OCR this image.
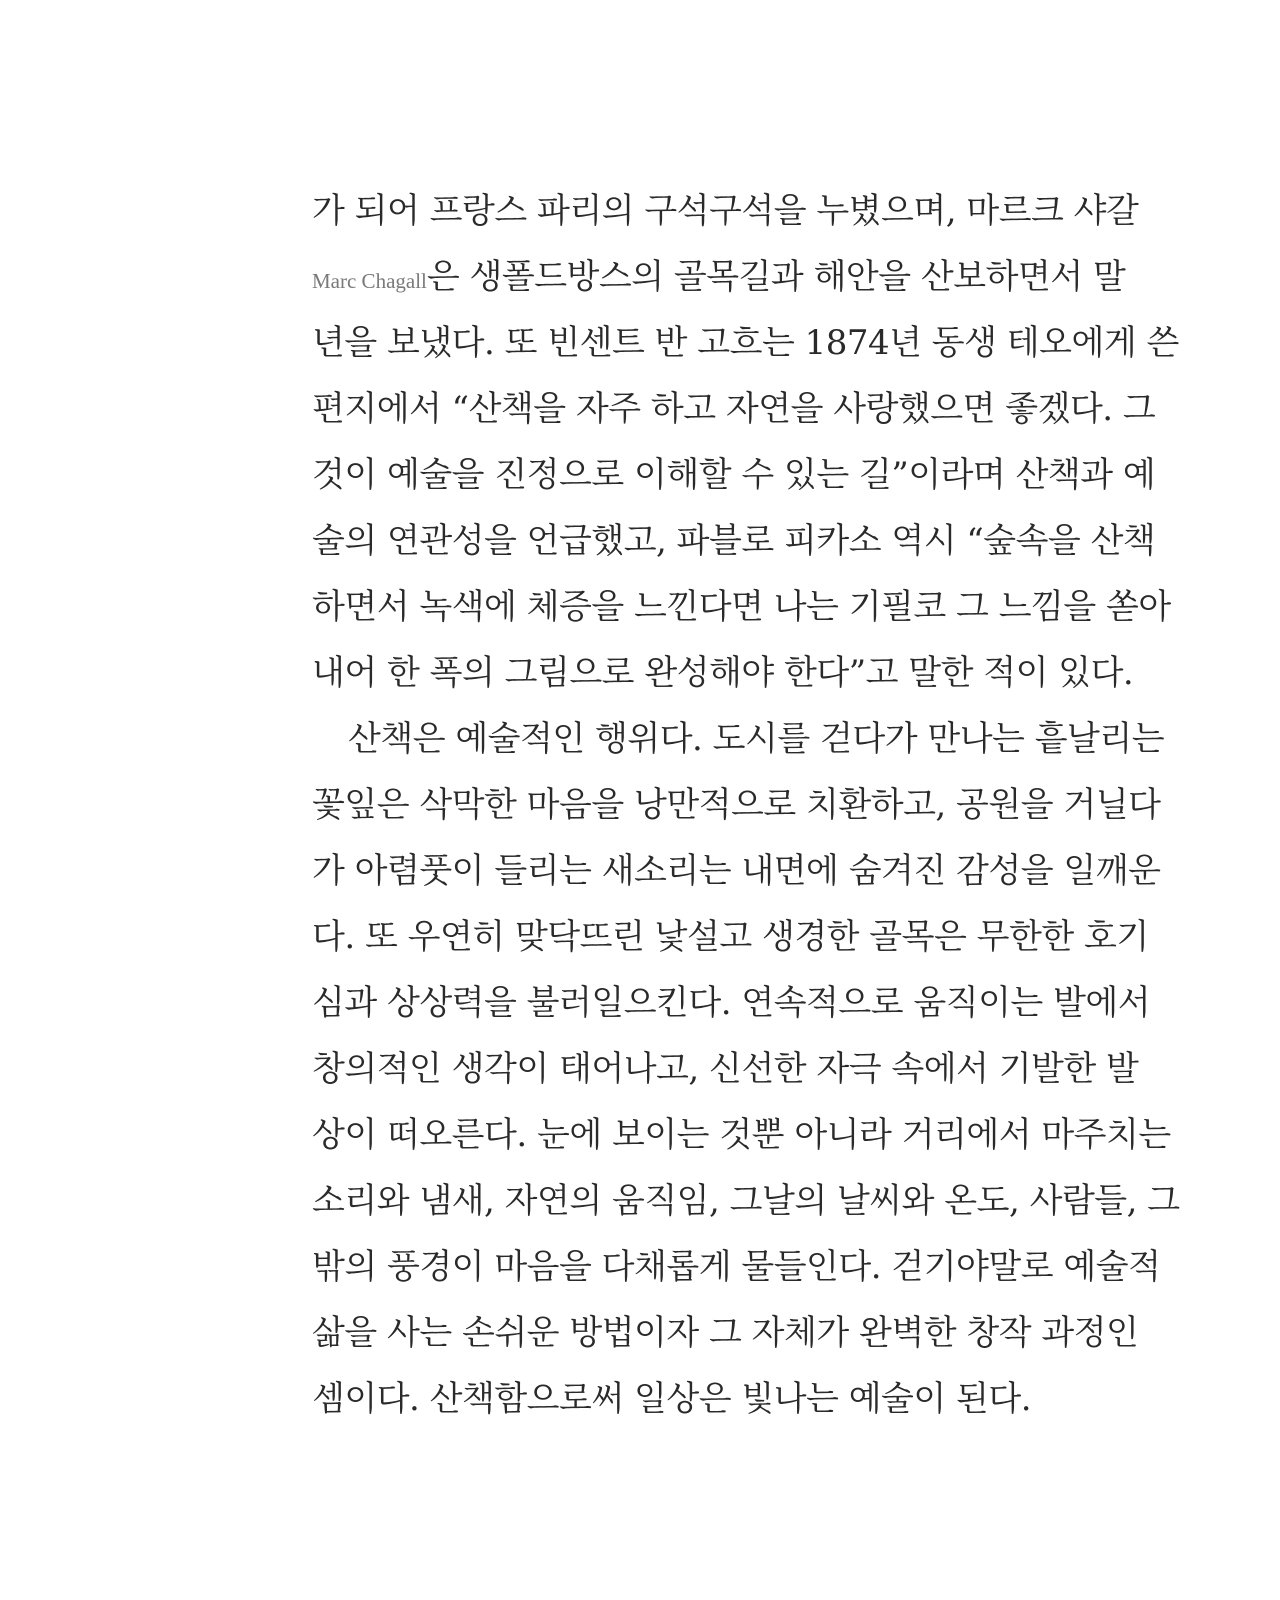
가 되어 프랑스 파리의 구석구석을 누볐으며, 마르크 샤갈
Marc Chagall은 생폴드방스의 골목길과 해안을 산보하면서 말
년을 보냈다. 또 빈센트 반 고흐는 1874년 동생 테오에게 쓴
편지에서 “산책을 자주 하고 자연을 사랑했으면 좋겠다. 그
것이 예술을 진정으로 이해할 수 있는 길”이라며 산책과 예
술의 연관성을 언급했고, 파블로 피카소 역시 “숲속을 산책
하면서 녹색에 체증을 느낀다면 나는 기필코 그 느낌을 쏟아
내어 한 폭의 그림으로 완성해야 한다”고 말한 적이 있다.
산책은 예술적인 행위다. 도시를 걷다가 만나는 흩날리는
꽃잎은 삭막한 마음을 낭만적으로 치환하고, 공원을 거닐다
가 아렴풋이 들리는 새소리는 내면에 숨겨진 감성을 일깨운
다. 또 우연히 맞닥뜨린 낯설고 생경한 골목은 무한한 호기
심과 상상력을 불러일으킨다. 연속적으로 움직이는 발에서
창의적인 생각이 태어나고, 신선한 자극 속에서 기발한 발
상이 떠오른다. 눈에 보이는 것뿐 아니라 거리에서 마주치는
소리와 냄새, 자연의 움직임, 그날의 날씨와 온도, 사람들, 그
밖의 풍경이 마음을 다채롭게 물들인다. 걷기야말로 예술적
삶을 사는 손쉬운 방법이자 그 자체가 완벽한 창작 과정인
셈이다. 산책함으로써 일상은 빛나는 예술이 된다.
